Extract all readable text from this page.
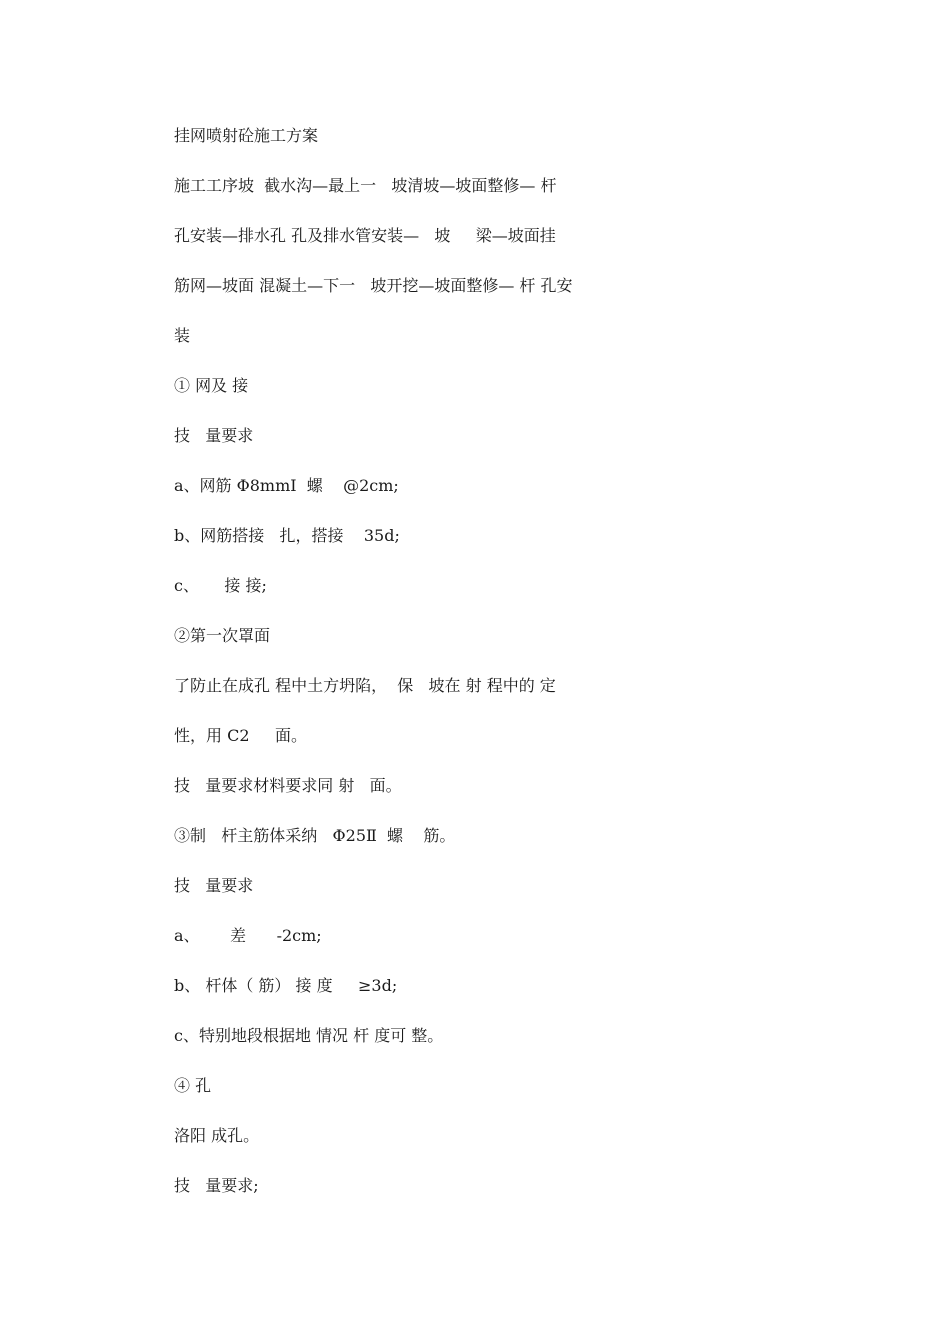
挂网喷射砼施工方案
施工工序坡  截水沟—最上一   坡清坡—坡面整修— 杆
孔安装—排水孔 孔及排水管安装—   坡     梁—坡面挂
筋网—坡面 混凝土—下一   坡开挖—坡面整修— 杆 孔安
装
① 网及 接
技   量要求
a、网筋 Φ8mmⅠ  螺    @2cm;
b、网筋搭接   扎，搭接    35d;
c、     接 接;
②第一次罩面
了防止在成孔 程中土方坍陷，  保   坡在 射 程中的 定
性，用 C2     面。
技   量要求材料要求同 射   面。
③制   杆主筋体采纳   Φ25Ⅱ  螺    筋。
技   量要求
a、      差      -2cm;
b、 杆体（ 筋） 接 度     ≥3d;
c、特别地段根据地 情况 杆 度可 整。
④ 孔
洛阳 成孔。
技   量要求;
